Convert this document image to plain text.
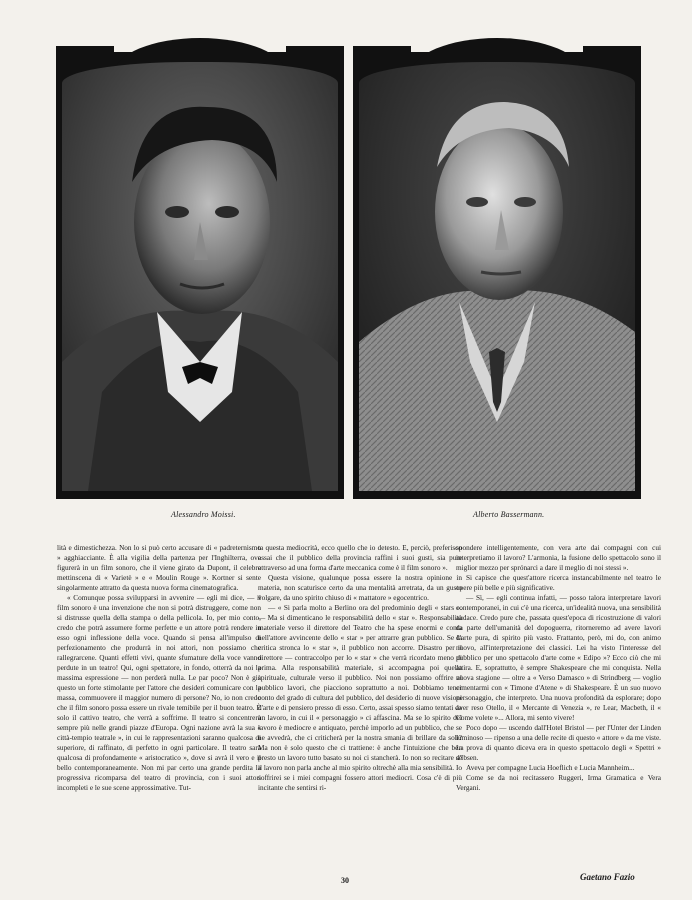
Alessandro Moissi.	Alberto Bassermann.

lità e dimestichezza. Non lo si può certo accusare di « padreternismo » agghiacciante. È alla vigilia della partenza per l'Inghilterra, ove figurerà in un film sonoro, che il viene girato da Dupont, il celebre mettinscena di « Varietè » e « Moulin Rouge ». Kortner si sente singolarmente attratto da questa nuova forma cinematografica.

« Comunque possa svilupparsi in avvenire — egli mi dice, — il film sonoro è una invenzione che non si potrà distruggere, come non si distrusse quella della stampa o della pellicola. Io, per mio conto, credo che potrà assumere forme perfette e un attore potrà rendere in esso ogni inflessione della voce. Quando si pensa all'impulso di perfezionamento che produrrà in noi attori, non possiamo che rallegrarcene. Quanti effetti vivi, quante sfumature della voce vanno perdute in un teatro! Qui, ogni spettatore, in fondo, otterrà da noi la massima espressione — non perderà nulla. Le par poco? Non è già questo un forte stimolante per l'attore che desideri comunicare con la massa, commuovere il maggior numero di persone? No, io non credo che il film sonoro possa essere un rivale temibile per il buon teatro. È solo il cattivo teatro, che verrà a soffrirne. Il teatro si concentrerà sempre più nelle grandi piazze d'Europa. Ogni nazione avrà la sua « città-tempio teatrale », in cui le rappresentazioni saranno qualcosa di superiore, di raffinato, di perfetto in ogni particolare. Il teatro sarà qualcosa di profondamente « aristocratico », dove si avrà il vero e il bello contemporaneamente. Non mi par certo una grande perdita la progressiva ricomparsa del teatro di provincia, con i suoi attori incompleti e le sue scene approssimative. Tut-

ta questa mediocrità, ecco quello che io detesto. E, perciò, preferisco assai che il pubblico della provincia raffini i suoi gusti, sia pure attraverso ad una forma d'arte meccanica come è il film sonoro ».

Questa visione, qualunque possa essere la nostra opinione in materia, non scaturisce certo da una mentalità arretrata, da un gusto volgare, da uno spirito chiuso di « mattatore » egocentrico.

— « Si parla molto a Berlino ora del predominio degli « stars ». — Ma si dimenticano le responsabilità dello « star ». Responsabilità materiale verso il direttore del Teatro che ha spese enormi e conta nell'attore avvincente dello « star » per attrarre gran pubblico. Se la critica stronca lo « star », il pubblico non accorre. Disastro per il direttore — contraccolpo per lo « star » che verrà ricordato meno di prima. Alla responsabilità materiale, si accompagna poi quella spirituale, culturale verso il pubblico. Noi non possiamo offrire al pubblico lavori, che piacciono soprattutto a noi. Dobbiamo tener conto del grado di cultura del pubblico, del desiderio di nuove visioni d'arte e di pensiero presso di esso. Certo, assai spesso siamo tentati da un lavoro, in cui il « personaggio » ci affascina. Ma se lo spirito del lavoro è mediocre e antiquato, perchè imporlo ad un pubblico, che se ne avvedrà, che ci criticherà per la nostra smania di brillare da soli? Ma non è solo questo che ci trattiene: è anche l'intuizione che ben presto un lavoro tutto basato su noi ci stancherà. Io non so recitare se il lavoro non parla anche al mio spirito oltrechè alla mia sensibilità. Io soffrirei se i miei compagni fossero attori mediocri. Cosa c'è di più incitante che sentirsi ri-

spondere intelligentemente, con vera arte dai compagni con cui interpretiamo il lavoro? L'armonia, la fusione dello spettacolo sono il miglior mezzo per sprónarci a dare il meglio di noi stessi ».

Si capisce che quest'attore ricerca instancabilmente nel teatro le opere più belle e più significative.

— Sì, — egli continua infatti, — posso talora interpretare lavori contemporanei, in cui c'è una ricerca, un'idealità nuova, una sensibilità audace. Credo pure che, passata quest'epoca di ricostruzione di valori da parte dell'umanità del dopoguerra, ritorneremo ad avere lavori d'arte pura, di spirito più vasto. Frattanto, però, mi do, con animo nuovo, all'interpretazione dei classici. Lei ha visto l'interesse del pubblico per uno spettacolo d'arte come « Edipo »? Ecco ciò che mi attira. E, soprattutto, è sempre Shakespeare che mi conquista. Nella nuova stagione — oltre a « Verso Damasco » di Strindberg — voglio cimentarmi con « Timone d'Atene » di Shakespeare. È un suo nuovo personaggio, che interpreto. Una nuova profondità da esplorare; dopo aver reso Otello, il « Mercante di Venezia », re Lear, Macbeth, il « Come volete »... Allora, mi sento vivere!

Poco dopo — uscendo dall'Hotel Bristol — per l'Unter der Linden luminoso — ripenso a una delle recite di questo « attore » da me viste. La prova di quanto diceva era in questo spettacolo degli « Spettri » d'Ibsen.

Aveva per compagne Lucia Hoeflich e Lucia Mannheim...

Come se da noi recitassero Ruggeri, Irma Gramatica e Vera Vergani.

30	Gaetano Fazio
